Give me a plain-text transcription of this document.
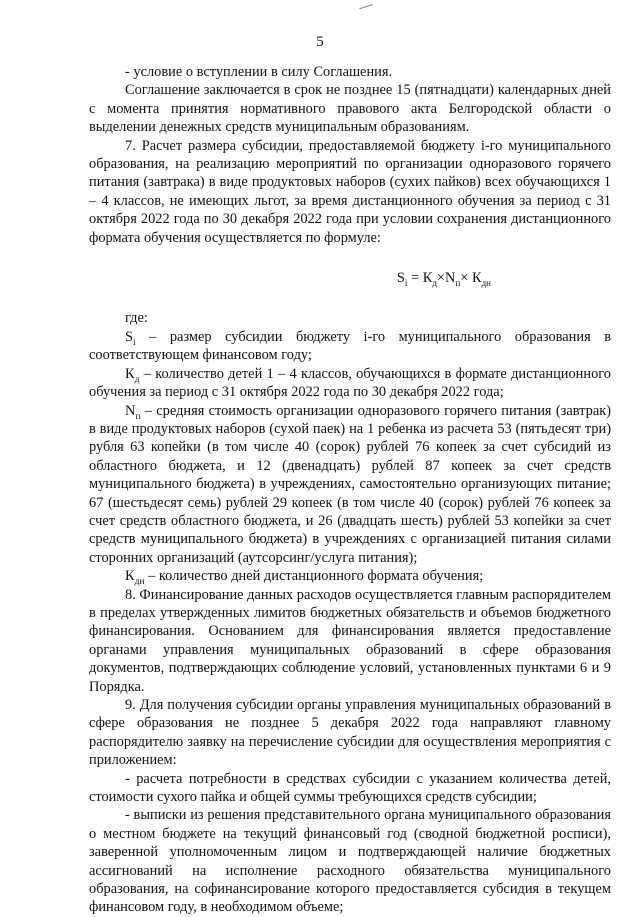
5

- условие о вступлении в силу Соглашения.

Соглашение заключается в срок не позднее 15 (пятнадцати) календарных дней с момента принятия нормативного правового акта Белгородской области о выделении денежных средств муниципальным образованиям.

7. Расчет размера субсидии, предоставляемой бюджету i-го муниципального образования, на реализацию мероприятий по организации одноразового горячего питания (завтрака) в виде продуктовых наборов (сухих пайков) всех обучающихся 1 – 4 классов, не имеющих льгот, за время дистанционного обучения за период с 31 октября 2022 года по 30 декабря 2022 года при условии сохранения дистанционного формата обучения осуществляется по формуле:

$S_i = К_д\times N_п\times К_{дн}$

где:

$S_i$ – размер субсидии бюджету i-го муниципального образования в соответствующем финансовом году;

$К_д$ – количество детей 1 – 4 классов, обучающихся в формате дистанционного обучения за период с 31 октября 2022 года по 30 декабря 2022 года;

$N_п$ – средняя стоимость организации одноразового горячего питания (завтрак) в виде продуктовых наборов (сухой паек) на 1 ребенка из расчета 53 (пятьдесят три) рубля 63 копейки (в том числе 40 (сорок) рублей 76 копеек за счет субсидий из областного бюджета, и 12 (двенадцать) рублей 87 копеек за счет средств муниципального бюджета) в учреждениях, самостоятельно организующих питание; 67 (шестьдесят семь) рублей 29 копеек (в том числе 40 (сорок) рублей 76 копеек за счет средств областного бюджета, и 26 (двадцать шесть) рублей 53 копейки за счет средств муниципального бюджета) в учреждениях с организацией питания силами сторонних организаций (аутсорсинг/услуга питания);

$К_{дн}$ – количество дней дистанционного формата обучения;

8. Финансирование данных расходов осуществляется главным распорядителем в пределах утвержденных лимитов бюджетных обязательств и объемов бюджетного финансирования. Основанием для финансирования является предоставление органами управления муниципальных образований в сфере образования документов, подтверждающих соблюдение условий, установленных пунктами 6 и 9 Порядка.

9. Для получения субсидии органы управления муниципальных образований в сфере образования не позднее 5 декабря 2022 года направляют главному распорядителю заявку на перечисление субсидии для осуществления мероприятия с приложением:

- расчета потребности в средствах субсидии с указанием количества детей, стоимости сухого пайка и общей суммы требующихся средств субсидии;

- выписки из решения представительного органа муниципального образования о местном бюджете на текущий финансовый год (сводной бюджетной росписи), заверенной уполномоченным лицом и подтверждающей наличие бюджетных ассигнований на исполнение расходного обязательства муниципального образования, на софинансирование которого предоставляется субсидия в текущем финансовом году, в необходимом объеме;
